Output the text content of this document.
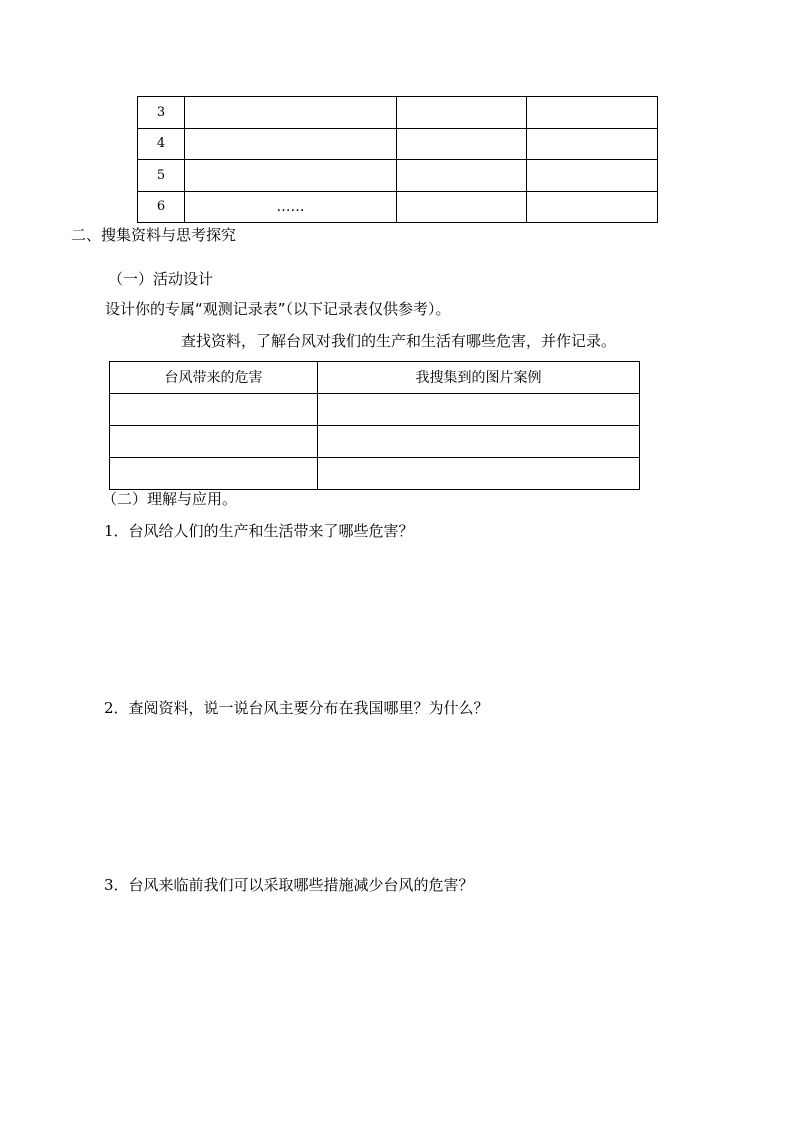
3			
4			
5			
6	……		
二、搜集资料与思考探究
（一）活动设计
设计你的专属“观测记录表”（以下记录表仅供参考）。
查找资料，了解台风对我们的生产和生活有哪些危害，并作记录。
台风带来的危害	我搜集到的图片案例

（二）理解与应用。
1．台风给人们的生产和生活带来了哪些危害？
2．查阅资料，说一说台风主要分布在我国哪里？为什么？
3．台风来临前我们可以采取哪些措施减少台风的危害？
